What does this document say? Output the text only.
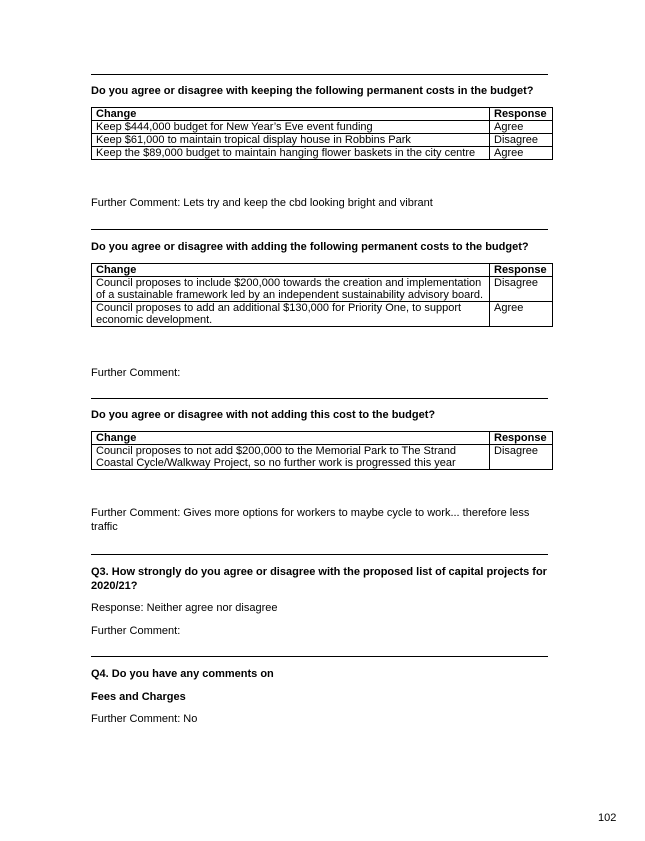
Do you agree or disagree with keeping the following permanent costs in the budget?
Change	Response
Keep $444,000 budget for New Year’s Eve event funding	Agree
Keep $61,000 to maintain tropical display house in Robbins Park	Disagree
Keep the $89,000 budget to maintain hanging flower baskets in the city centre	Agree
Further Comment: Lets try and keep the cbd looking bright and vibrant
Do you agree or disagree with adding the following permanent costs to the budget?
Change	Response
Council proposes to include $200,000 towards the creation and implementation of a sustainable framework led by an independent sustainability advisory board.	Disagree
Council proposes to add an additional $130,000 for Priority One, to support economic development.	Agree
Further Comment:
Do you agree or disagree with not adding this cost to the budget?
Change	Response
Council proposes to not add $200,000 to the Memorial Park to The Strand Coastal Cycle/Walkway Project, so no further work is progressed this year	Disagree
Further Comment: Gives more options for workers to maybe cycle to work... therefore less traffic
Q3. How strongly do you agree or disagree with the proposed list of capital projects for 2020/21?
Response: Neither agree nor disagree
Further Comment:
Q4. Do you have any comments on
Fees and Charges
Further Comment: No
102
